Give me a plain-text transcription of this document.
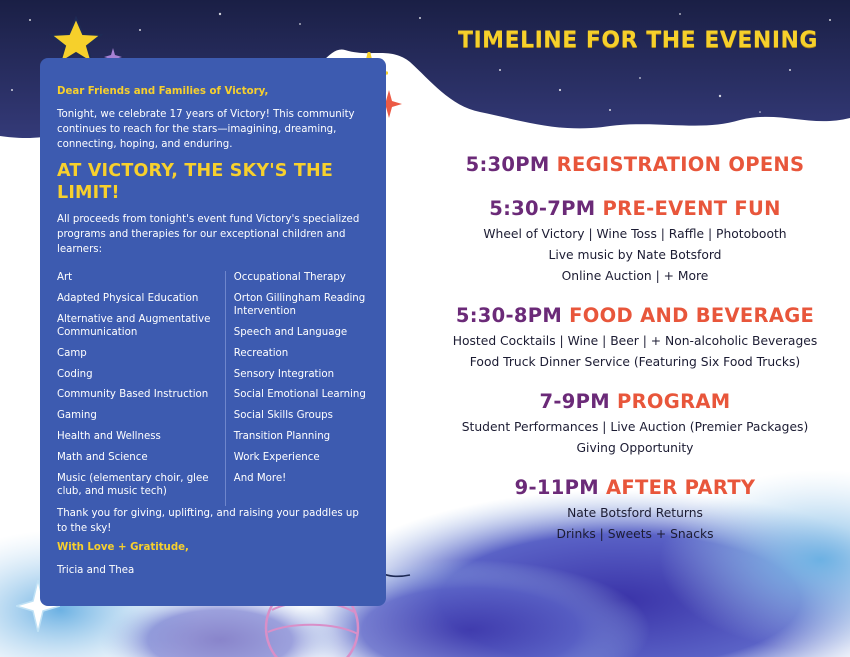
Dear Friends and Families of Victory,

Tonight, we celebrate 17 years of Victory! This community continues to reach for the stars—imagining, dreaming, connecting, hoping, and enduring.

AT VICTORY, THE SKY'S THE LIMIT!

All proceeds from tonight's event fund Victory's specialized programs and therapies for our exceptional children and learners:

Art
Adapted Physical Education
Alternative and Augmentative Communication
Camp
Coding
Community Based Instruction
Gaming
Health and Wellness
Math and Science
Music (elementary choir, glee club, and music tech)
Occupational Therapy
Orton Gillingham Reading Intervention
Speech and Language
Recreation
Sensory Integration
Social Emotional Learning
Social Skills Groups
Transition Planning
Work Experience
And More!

Thank you for giving, uplifting, and raising your paddles up to the sky!

With Love + Gratitude,

Tricia and Thea

TIMELINE FOR THE EVENING
5:30PM REGISTRATION OPENS
5:30-7PM PRE-EVENT FUN
Wheel of Victory | Wine Toss | Raffle | Photobooth
Live music by Nate Botsford
Online Auction | + More
5:30-8PM FOOD AND BEVERAGE
Hosted Cocktails | Wine | Beer | + Non-alcoholic Beverages
Food Truck Dinner Service (Featuring Six Food Trucks)
7-9PM PROGRAM
Student Performances | Live Auction (Premier Packages)
Giving Opportunity
9-11PM AFTER PARTY
Nate Botsford Returns
Drinks | Sweets + Snacks
